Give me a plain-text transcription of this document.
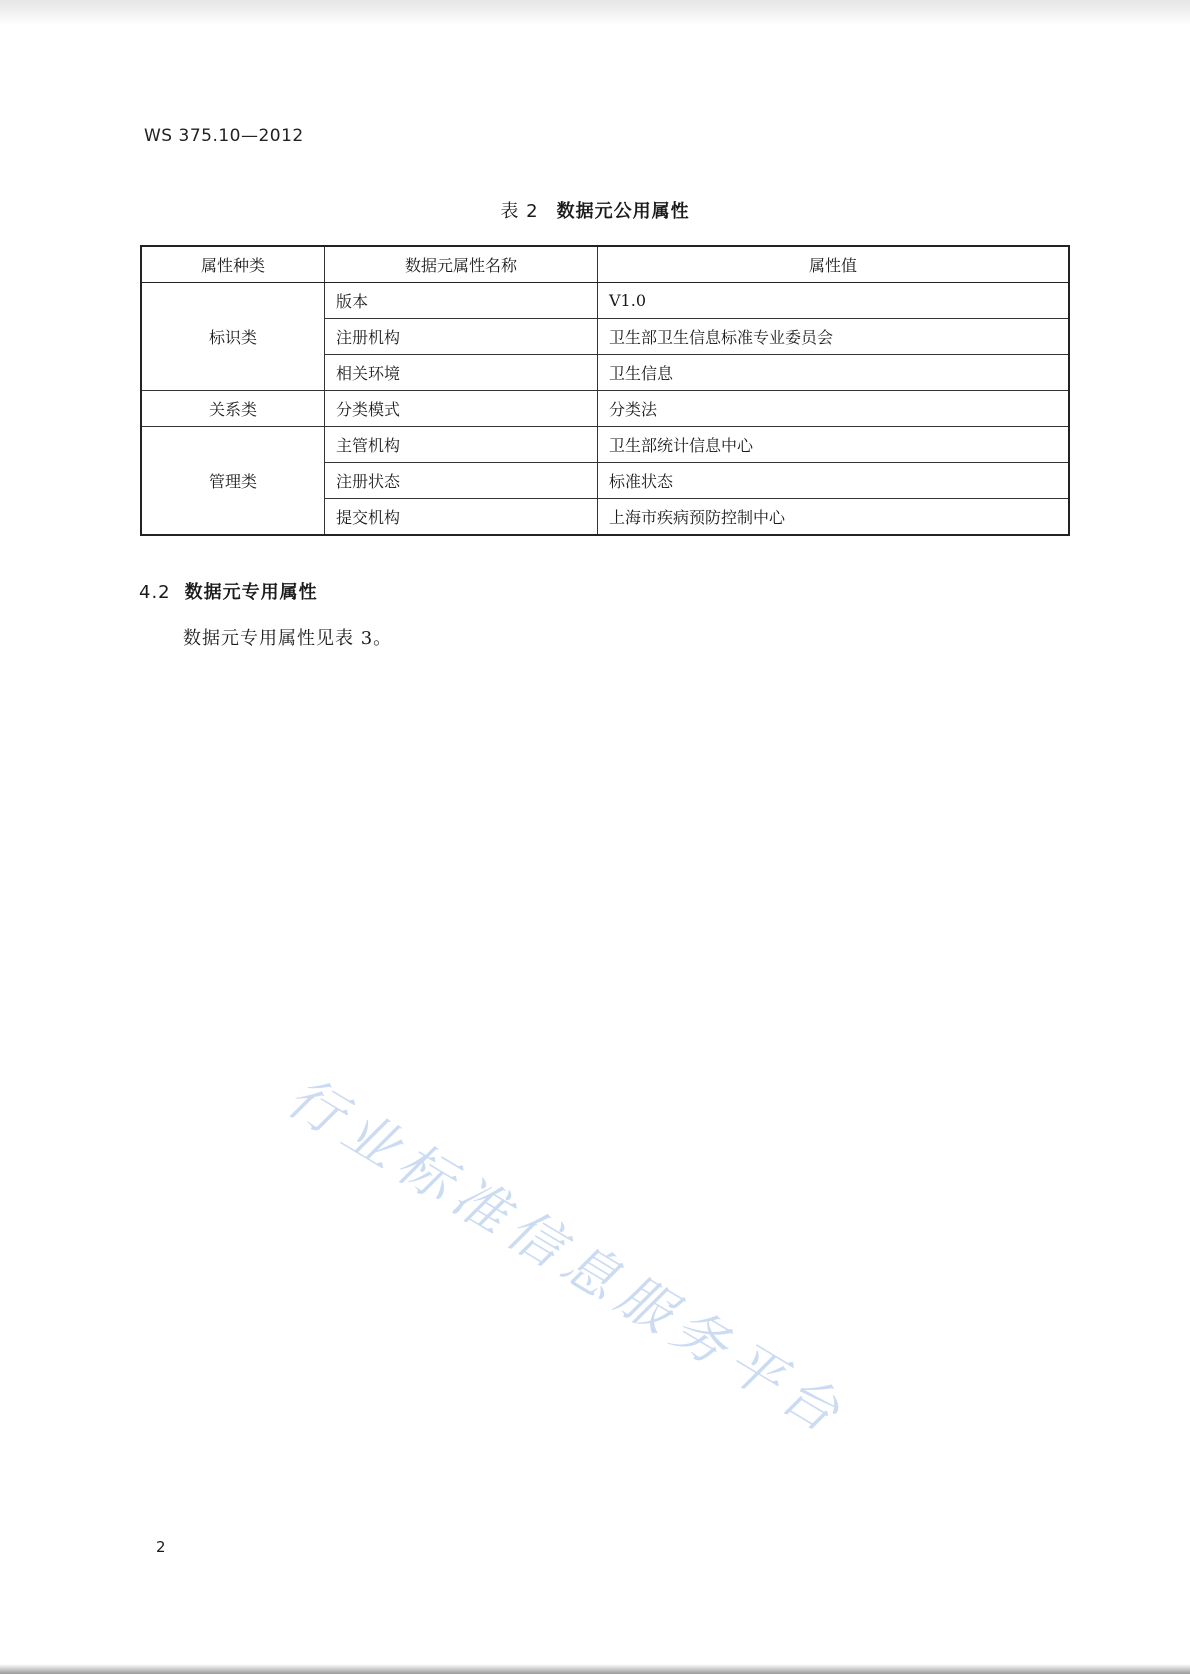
WS 375.10—2012
表 2 数据元公用属性
属性种类	数据元属性名称	属性值
标识类	版本	V1.0
	注册机构	卫生部卫生信息标准专业委员会
	相关环境	卫生信息
关系类	分类模式	分类法
管理类	主管机构	卫生部统计信息中心
	注册状态	标准状态
	提交机构	上海市疾病预防控制中心
4.2 数据元专用属性
数据元专用属性见表 3。
行业标准信息服务平台
2
